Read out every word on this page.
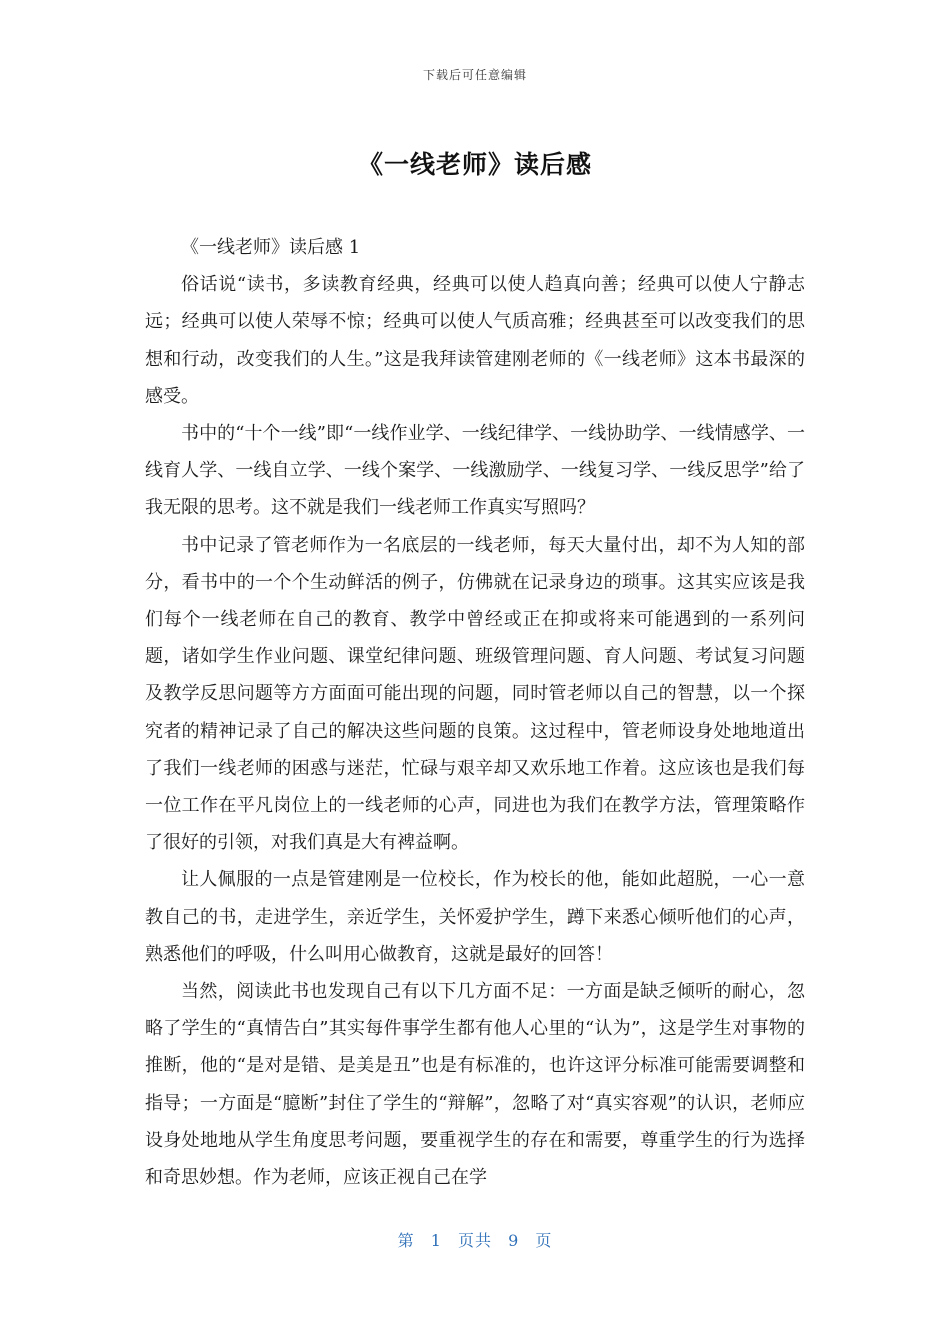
下载后可任意编辑
《一线老师》读后感

《一线老师》读后感 1

俗话说“读书，多读教育经典，经典可以使人趋真向善；经典可以使人宁静志远；经典可以使人荣辱不惊；经典可以使人气质高雅；经典甚至可以改变我们的思想和行动，改变我们的人生。”这是我拜读管建刚老师的《一线老师》这本书最深的感受。

书中的“十个一线”即“一线作业学、一线纪律学、一线协助学、一线情感学、一线育人学、一线自立学、一线个案学、一线激励学、一线复习学、一线反思学”给了我无限的思考。这不就是我们一线老师工作真实写照吗？

书中记录了管老师作为一名底层的一线老师，每天大量付出，却不为人知的部分，看书中的一个个生动鲜活的例子，仿佛就在记录身边的琐事。这其实应该是我们每个一线老师在自己的教育、教学中曾经或正在抑或将来可能遇到的一系列问题，诸如学生作业问题、课堂纪律问题、班级管理问题、育人问题、考试复习问题及教学反思问题等方方面面可能出现的问题，同时管老师以自己的智慧，以一个探究者的精神记录了自己的解决这些问题的良策。这过程中，管老师设身处地地道出了我们一线老师的困惑与迷茫，忙碌与艰辛却又欢乐地工作着。这应该也是我们每一位工作在平凡岗位上的一线老师的心声，同进也为我们在教学方法，管理策略作了很好的引领，对我们真是大有裨益啊。

让人佩服的一点是管建刚是一位校长，作为校长的他，能如此超脱，一心一意教自己的书，走进学生，亲近学生，关怀爱护学生，蹲下来悉心倾听他们的心声，熟悉他们的呼吸，什么叫用心做教育，这就是最好的回答！

当然，阅读此书也发现自己有以下几方面不足：一方面是缺乏倾听的耐心，忽略了学生的“真情告白”其实每件事学生都有他人心里的“认为”，这是学生对事物的推断，他的“是对是错、是美是丑”也是有标准的，也许这评分标准可能需要调整和指导；一方面是“臆断”封住了学生的“辩解”，忽略了对“真实容观”的认识，老师应设身处地地从学生角度思考问题，要重视学生的存在和需要，尊重学生的行为选择和奇思妙想。作为老师，应该正视自己在学

第 1 页共 9 页
